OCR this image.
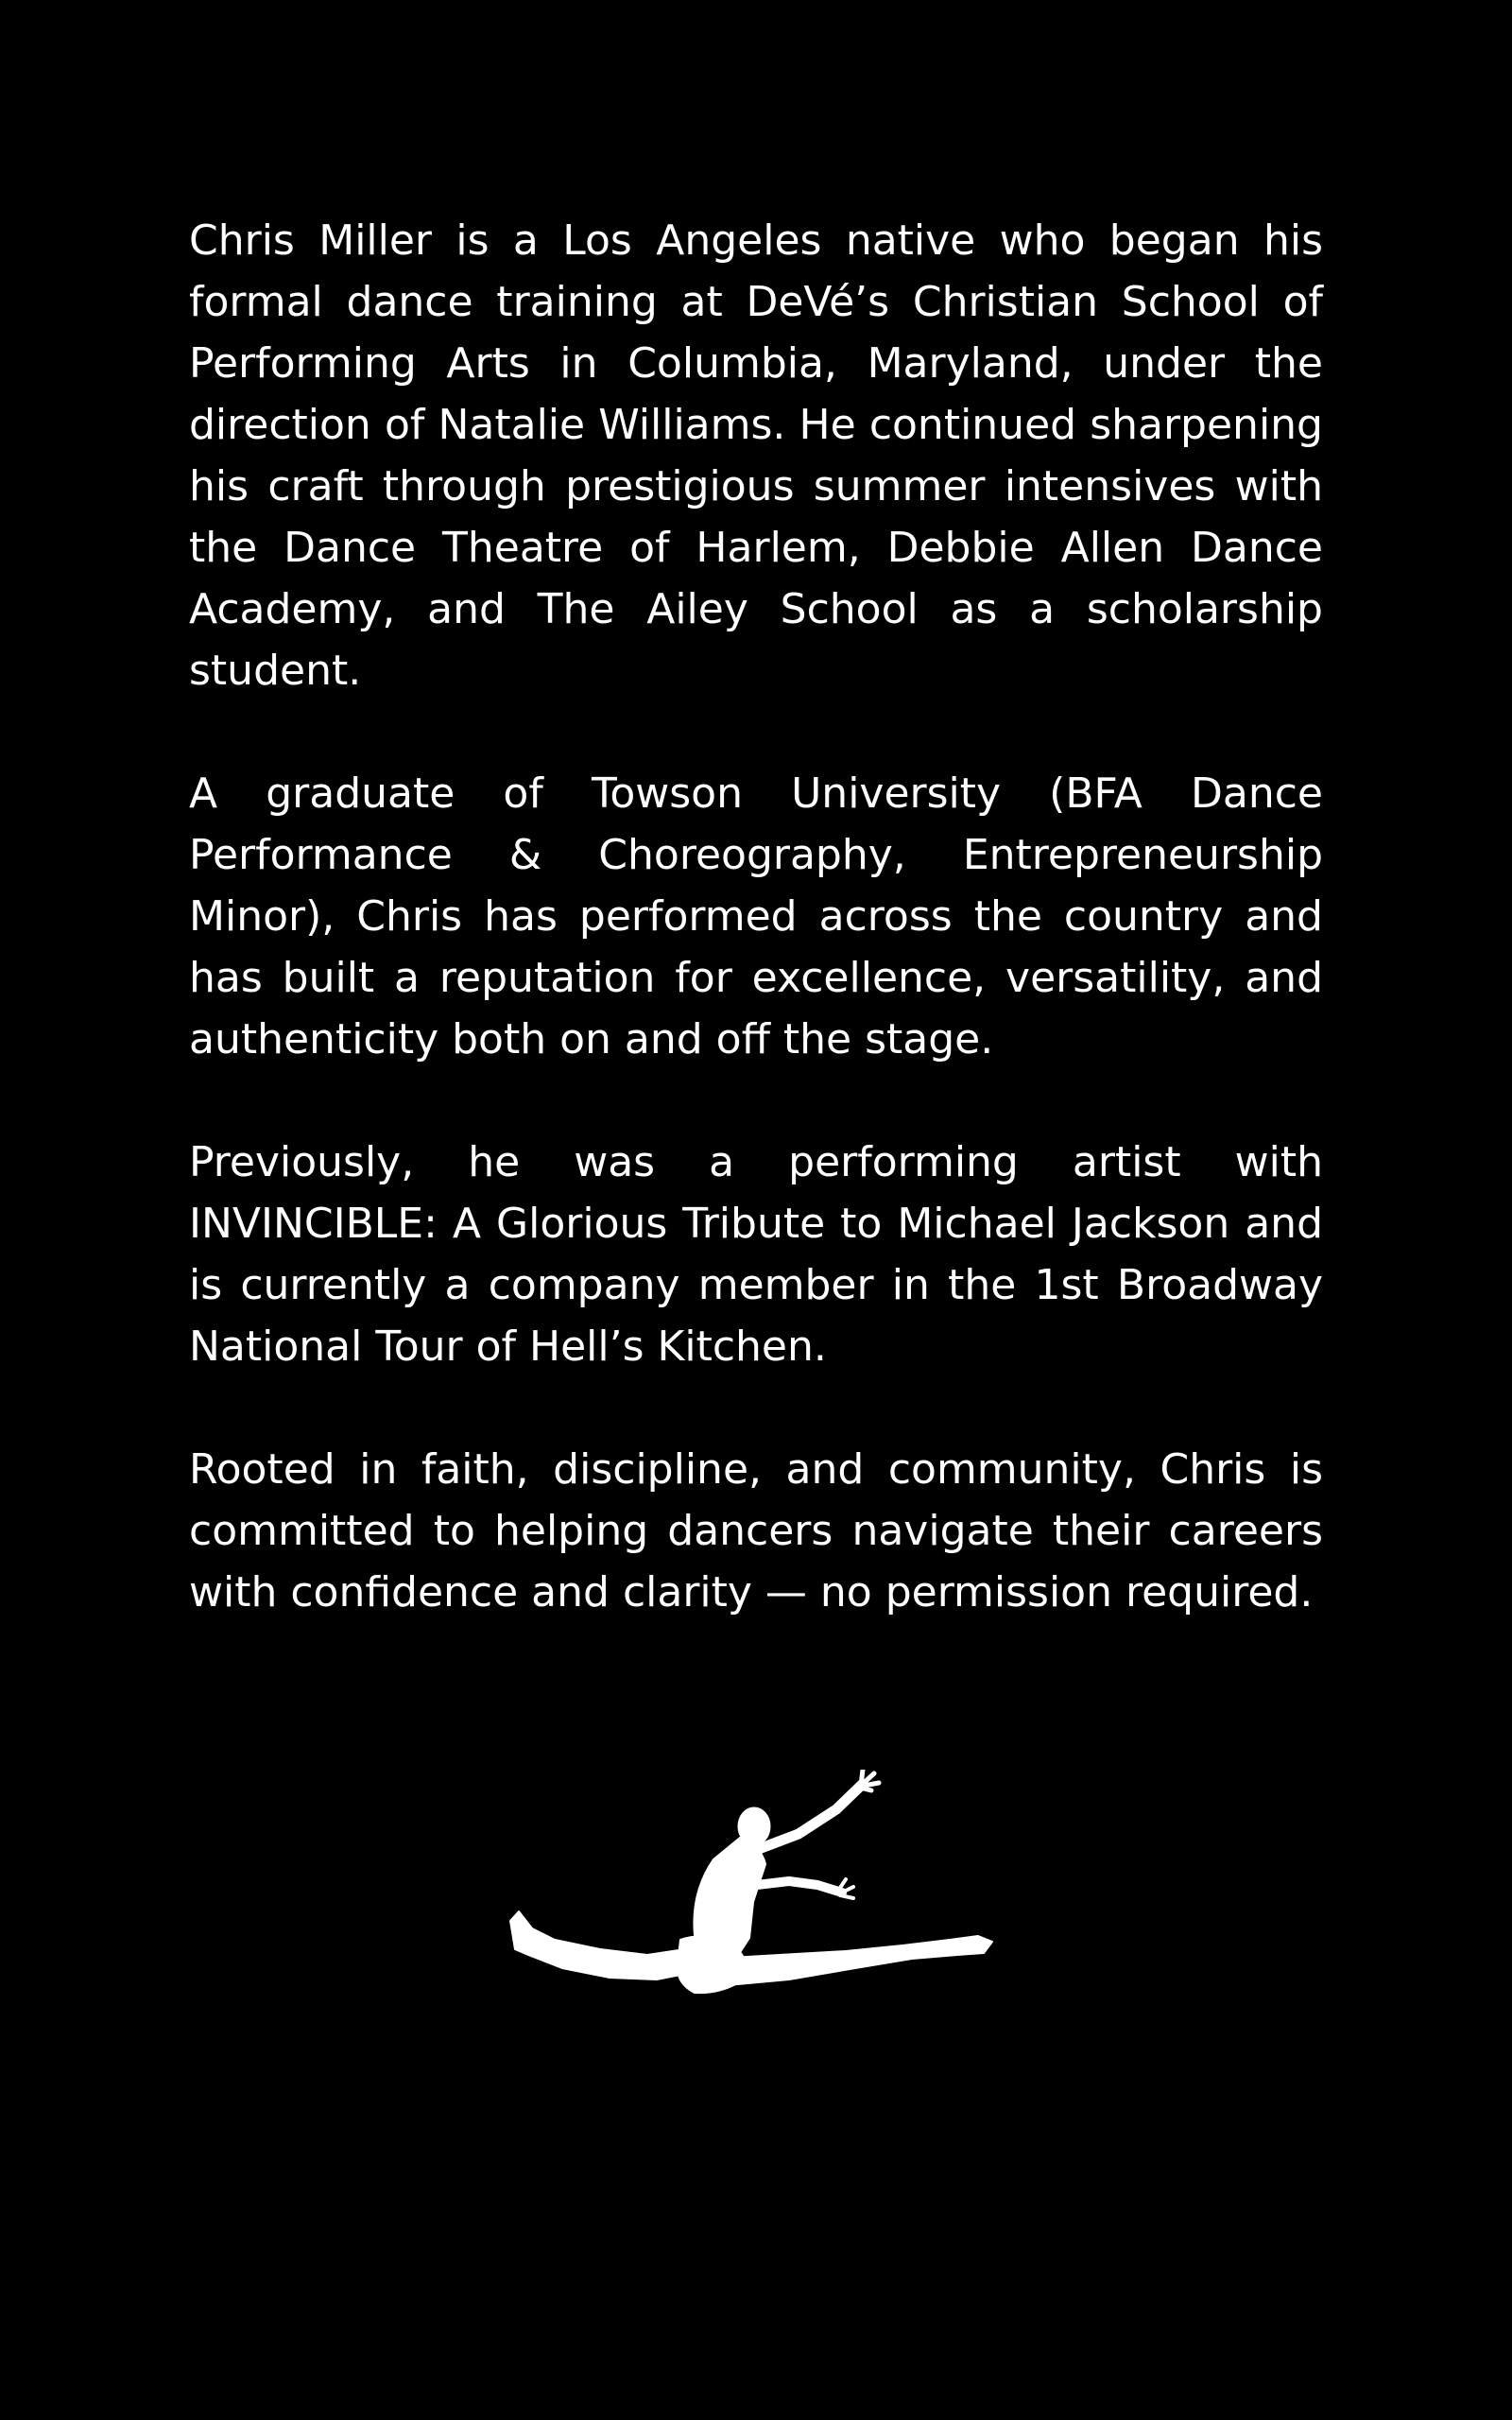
Chris Miller is a Los Angeles native who began his formal dance training at DeVé’s Christian School of Performing Arts in Columbia, Maryland, under the direction of Natalie Williams. He continued sharpening his craft through prestigious summer intensives with the Dance Theatre of Harlem, Debbie Allen Dance Academy, and The Ailey School as a scholarship student.

A graduate of Towson University (BFA Dance Performance & Choreography, Entrepreneurship Minor), Chris has performed across the country and has built a reputation for excellence, versatility, and authenticity both on and off the stage.

Previously, he was a performing artist with INVINCIBLE: A Glorious Tribute to Michael Jackson and is currently a company member in the 1st Broadway National Tour of Hell’s Kitchen.

Rooted in faith, discipline, and community, Chris is committed to helping dancers navigate their careers with confidence and clarity — no permission required.
